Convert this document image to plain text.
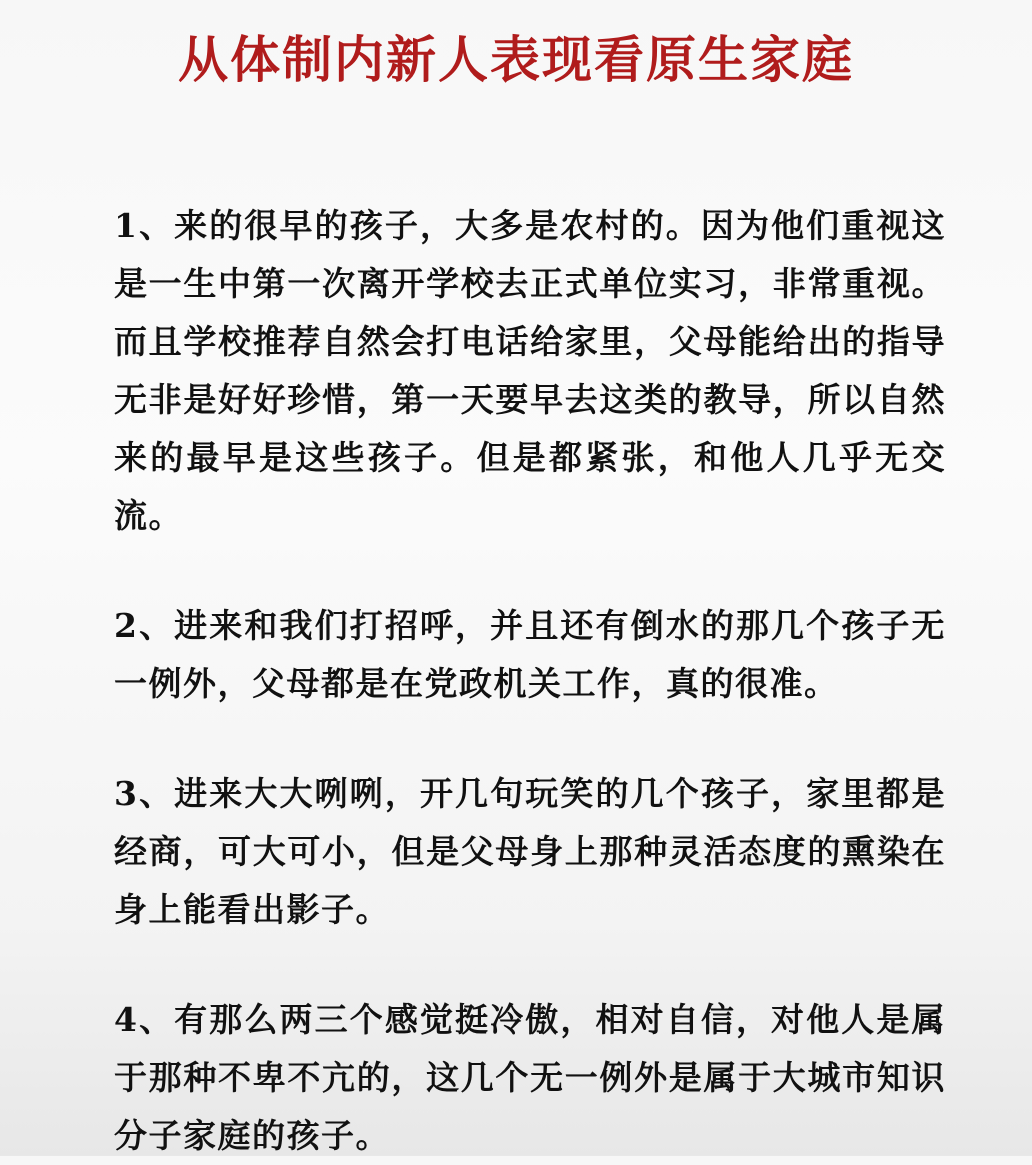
从体制内新人表现看原生家庭

1、来的很早的孩子，大多是农村的。因为他们重视这是一生中第一次离开学校去正式单位实习，非常重视。而且学校推荐自然会打电话给家里，父母能给出的指导无非是好好珍惜，第一天要早去这类的教导，所以自然来的最早是这些孩子。但是都紧张，和他人几乎无交流。

2、进来和我们打招呼，并且还有倒水的那几个孩子无一例外，父母都是在党政机关工作，真的很准。

3、进来大大咧咧，开几句玩笑的几个孩子，家里都是经商，可大可小，但是父母身上那种灵活态度的熏染在身上能看出影子。

4、有那么两三个感觉挺冷傲，相对自信，对他人是属于那种不卑不亢的，这几个无一例外是属于大城市知识分子家庭的孩子。
